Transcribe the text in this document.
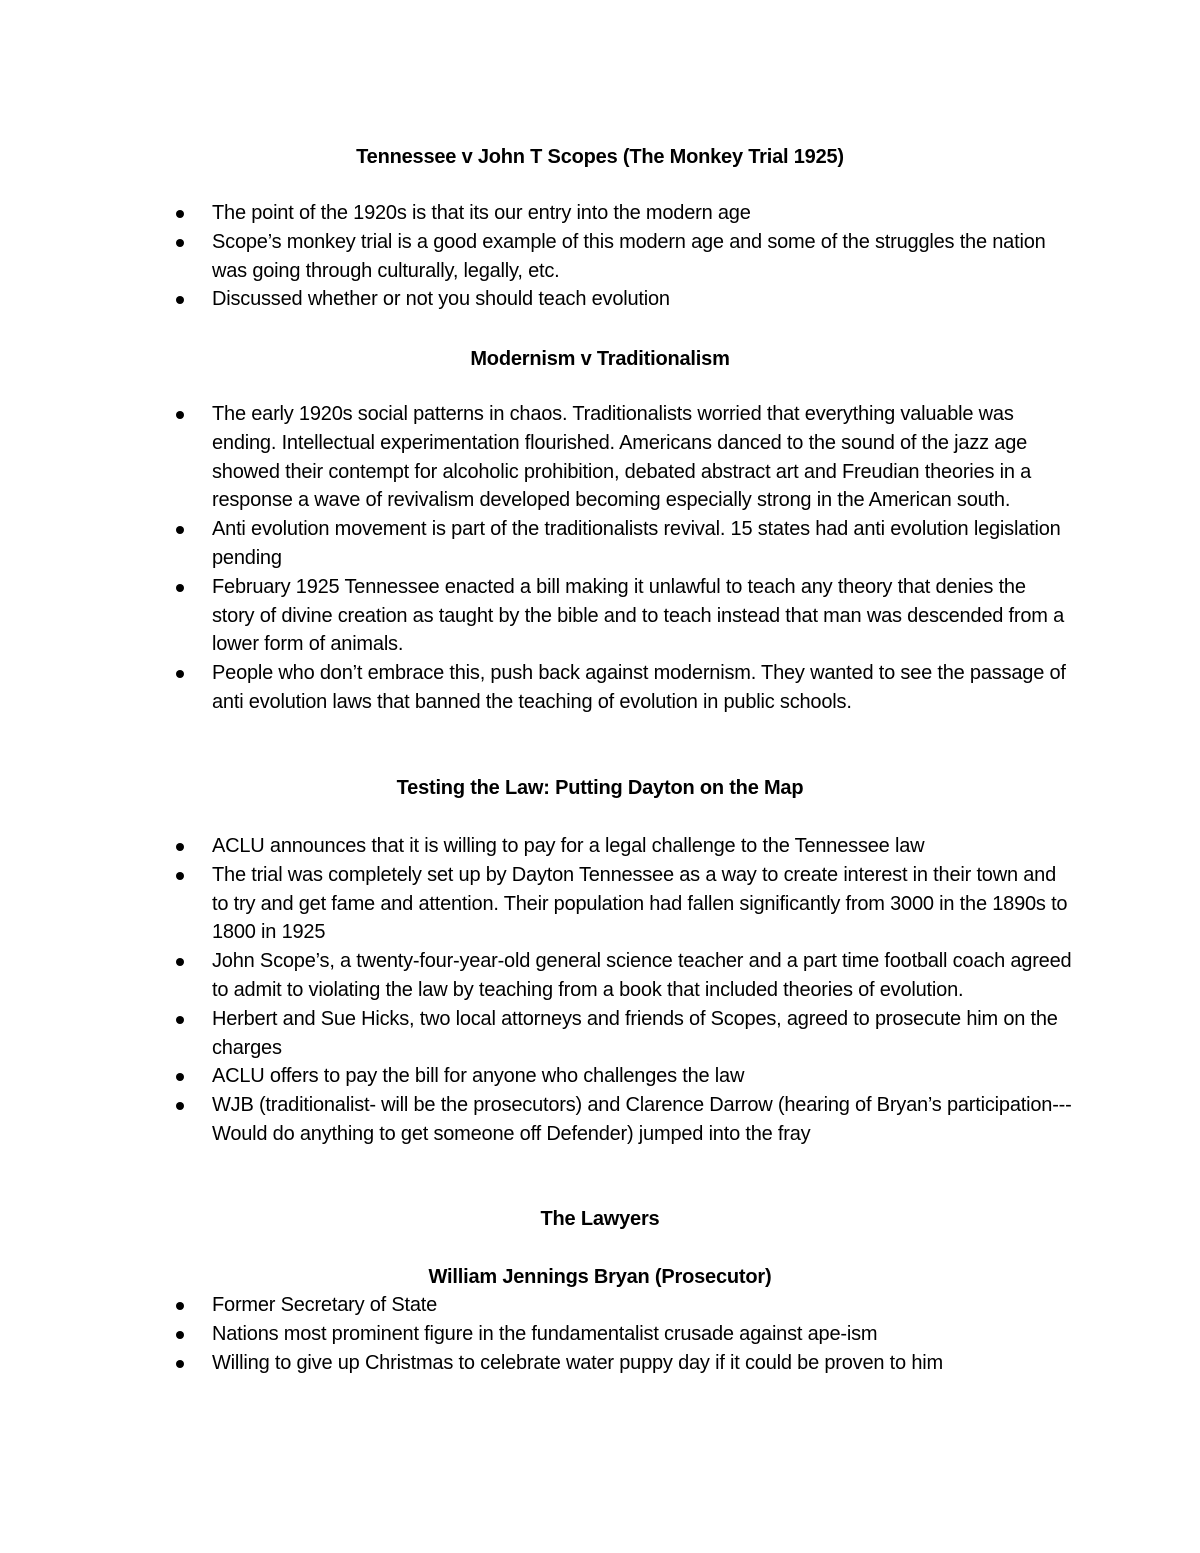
Tennessee v John T Scopes (The Monkey Trial 1925)
The point of the 1920s is that its our entry into the modern age
Scope’s monkey trial is a good example of this modern age and some of the struggles the nation was going through culturally, legally, etc.
Discussed whether or not you should teach evolution
Modernism v Traditionalism
The early 1920s social patterns in chaos. Traditionalists worried that everything valuable was ending. Intellectual experimentation flourished. Americans danced to the sound of the jazz age showed their contempt for alcoholic prohibition, debated abstract art and Freudian theories in a response a wave of revivalism developed becoming especially strong in the American south.
Anti evolution movement is part of the traditionalists revival. 15 states had anti evolution legislation pending
February 1925 Tennessee enacted a bill making it unlawful to teach any theory that denies the story of divine creation as taught by the bible and to teach instead that man was descended from a lower form of animals.
People who don’t embrace this, push back against modernism. They wanted to see the passage of anti evolution laws that banned the teaching of evolution in public schools.
Testing the Law: Putting Dayton on the Map
ACLU announces that it is willing to pay for a legal challenge to the Tennessee law
The trial was completely set up by Dayton Tennessee as a way to create interest in their town and to try and get fame and attention. Their population had fallen significantly from 3000 in the 1890s to 1800 in 1925
John Scope’s, a twenty-four-year-old general science teacher and a part time football coach agreed to admit to violating the law by teaching from a book that included theories of evolution.
Herbert and Sue Hicks, two local attorneys and friends of Scopes, agreed to prosecute him on the charges
ACLU offers to pay the bill for anyone who challenges the law
WJB (traditionalist- will be the prosecutors) and Clarence Darrow (hearing of Bryan’s participation---Would do anything to get someone off Defender) jumped into the fray
The Lawyers
William Jennings Bryan (Prosecutor)
Former Secretary of State
Nations most prominent figure in the fundamentalist crusade against ape-ism
Willing to give up Christmas to celebrate water puppy day if it could be proven to him
